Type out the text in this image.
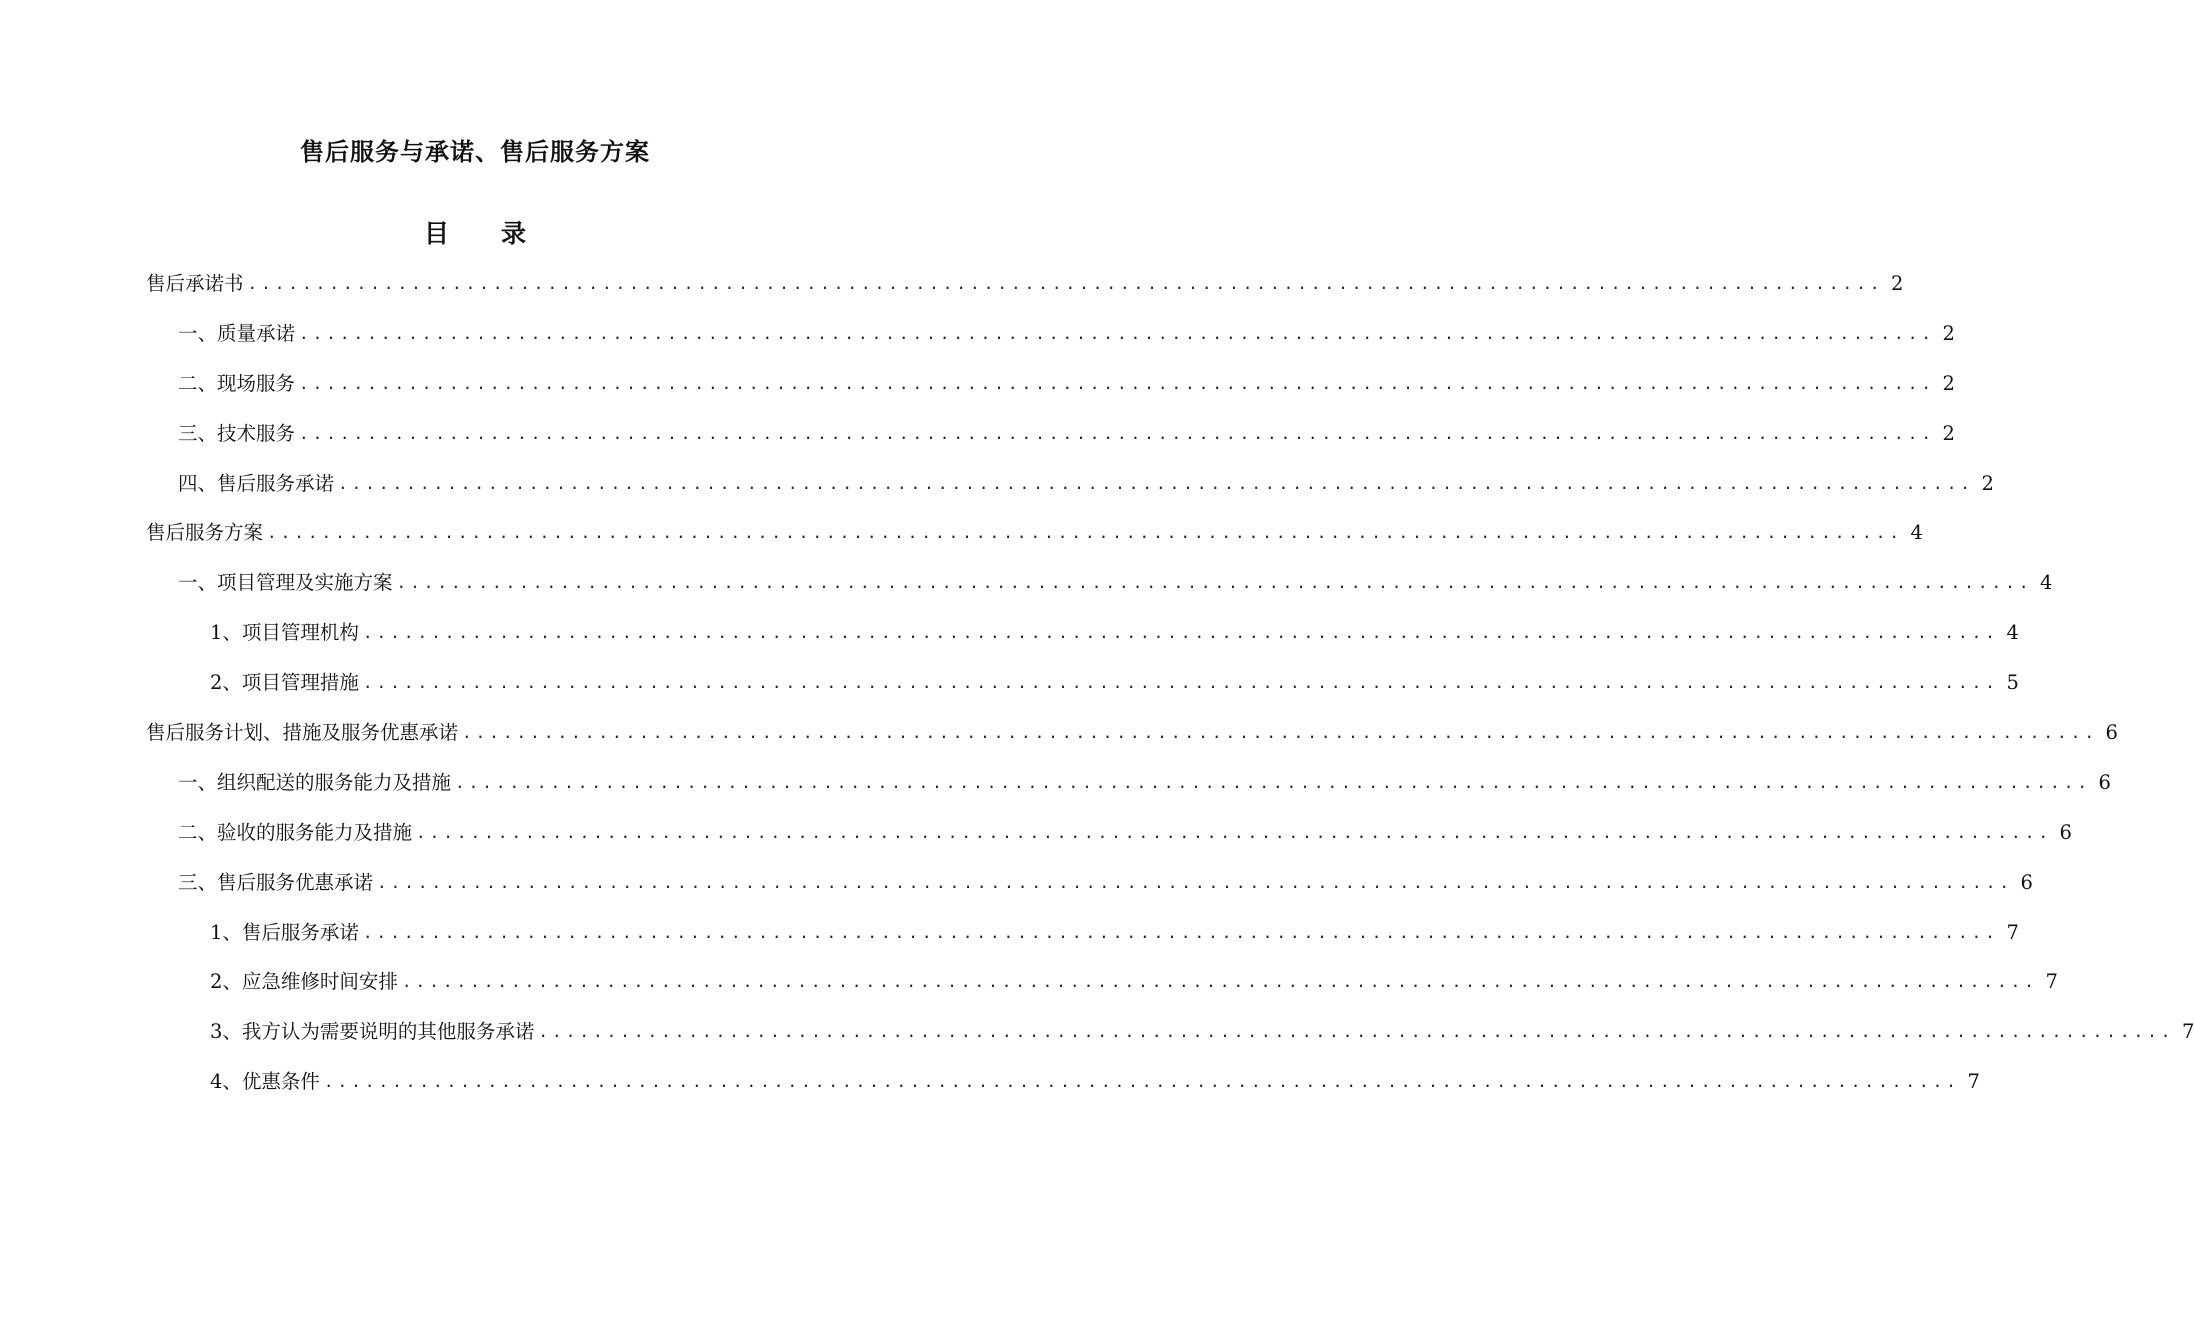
售后服务与承诺、售后服务方案
目 录
售后承诺书 ........................................................................................................................ 2
一、质量承诺 ........................................................................................................................ 2
二、现场服务 ........................................................................................................................ 2
三、技术服务 ........................................................................................................................ 2
四、售后服务承诺 ........................................................................................................................ 2
售后服务方案 ........................................................................................................................ 4
一、项目管理及实施方案 ........................................................................................................................ 4
1、项目管理机构 ........................................................................................................................ 4
2、项目管理措施 ........................................................................................................................ 5
售后服务计划、措施及服务优惠承诺 ........................................................................................................................ 6
一、组织配送的服务能力及措施 ........................................................................................................................ 6
二、验收的服务能力及措施 ........................................................................................................................ 6
三、售后服务优惠承诺 ........................................................................................................................ 6
1、售后服务承诺 ........................................................................................................................ 7
2、应急维修时间安排 ........................................................................................................................ 7
3、我方认为需要说明的其他服务承诺 ........................................................................................................................ 7
4、优惠条件 ........................................................................................................................ 7
